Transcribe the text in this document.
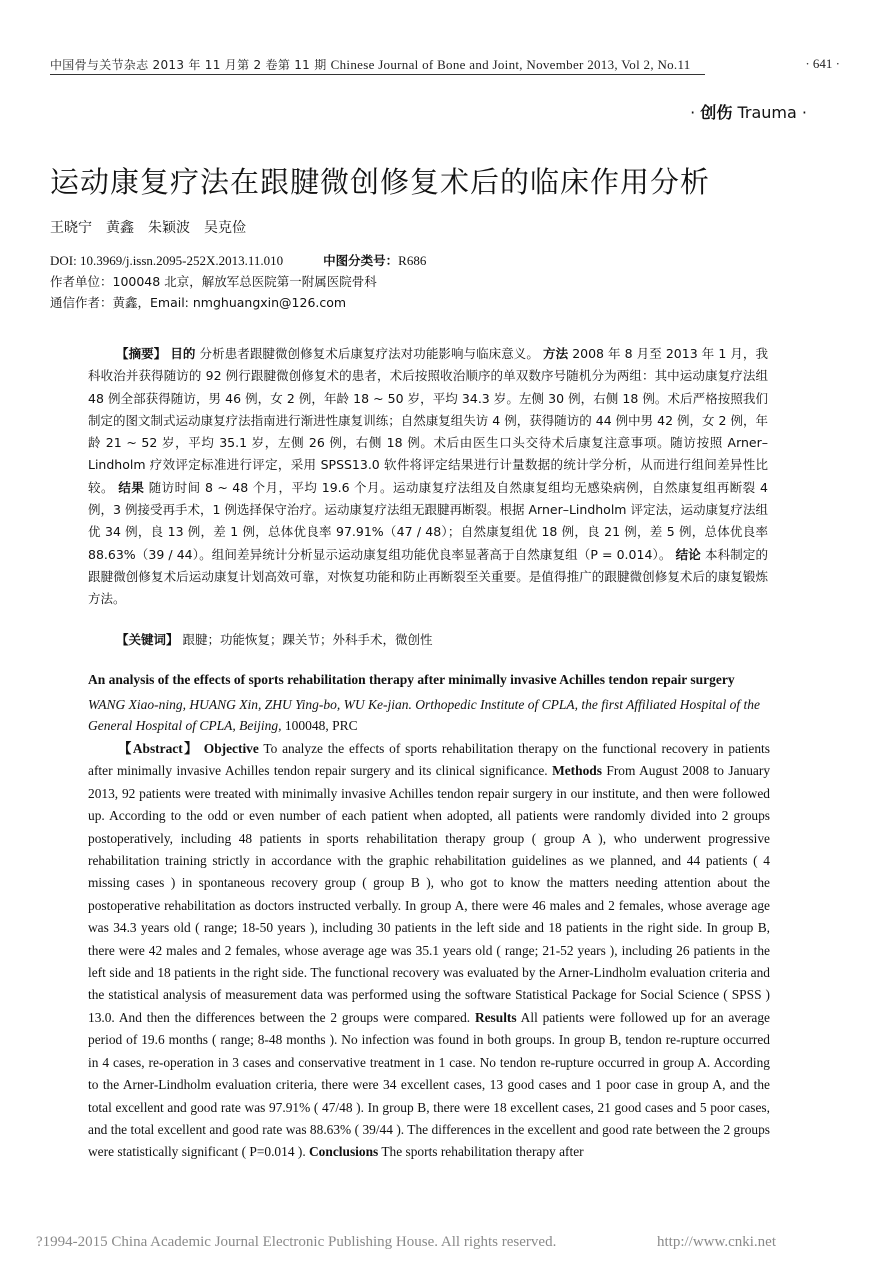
中国骨与关节杂志 2013 年 11 月第 2 卷第 11 期 Chinese Journal of Bone and Joint, November 2013, Vol 2, No.11	· 641 ·
· 创伤 Trauma ·
运动康复疗法在跟腱微创修复术后的临床作用分析
王晓宁　黄鑫　朱颖波　吴克俭
DOI: 10.3969/j.issn.2095-252X.2013.11.010	中图分类号：R686
作者单位：100048 北京，解放军总医院第一附属医院骨科
通信作者：黄鑫，Email: nmghuangxin@126.com
【摘要】 目的 分析患者跟腱微创修复术后康复疗法对功能影响与临床意义。 方法 2008 年 8 月至 2013 年 1 月，我科收治并获得随访的 92 例行跟腱微创修复术的患者，术后按照收治顺序的单双数序号随机分为两组：其中运动康复疗法组 48 例全部获得随访，男 46 例，女 2 例，年龄 18 ~ 50 岁，平均 34.3 岁。左侧 30 例，右侧 18 例。术后严格按照我们制定的图文制式运动康复疗法指南进行渐进性康复训练；自然康复组失访 4 例，获得随访的 44 例中男 42 例，女 2 例，年龄 21 ~ 52 岁，平均 35.1 岁，左侧 26 例，右侧 18 例。术后由医生口头交待术后康复注意事项。随访按照 Arner–Lindholm 疗效评定标准进行评定，采用 SPSS13.0 软件将评定结果进行计量数据的统计学分析，从而进行组间差异性比较。 结果 随访时间 8 ~ 48 个月，平均 19.6 个月。运动康复疗法组及自然康复组均无感染病例，自然康复组再断裂 4 例，3 例接受再手术，1 例选择保守治疗。运动康复疗法组无跟腱再断裂。根据 Arner–Lindholm 评定法，运动康复疗法组优 34 例，良 13 例，差 1 例，总体优良率 97.91%（47 / 48）；自然康复组优 18 例，良 21 例，差 5 例，总体优良率 88.63%（39 / 44）。组间差异统计分析显示运动康复组功能优良率显著高于自然康复组（P = 0.014）。 结论 本科制定的跟腱微创修复术后运动康复计划高效可靠，对恢复功能和防止再断裂至关重要。是值得推广的跟腱微创修复术后的康复锻炼方法。
【关键词】 跟腱；功能恢复；踝关节；外科手术，微创性
An analysis of the effects of sports rehabilitation therapy after minimally invasive Achilles tendon repair surgery
WANG Xiao-ning, HUANG Xin, ZHU Ying-bo, WU Ke-jian. Orthopedic Institute of CPLA, the first Affiliated Hospital of the General Hospital of CPLA, Beijing, 100048, PRC
【Abstract】 Objective To analyze the effects of sports rehabilitation therapy on the functional recovery in patients after minimally invasive Achilles tendon repair surgery and its clinical significance. Methods From August 2008 to January 2013, 92 patients were treated with minimally invasive Achilles tendon repair surgery in our institute, and then were followed up. According to the odd or even number of each patient when adopted, all patients were randomly divided into 2 groups postoperatively, including 48 patients in sports rehabilitation therapy group ( group A ), who underwent progressive rehabilitation training strictly in accordance with the graphic rehabilitation guidelines as we planned, and 44 patients ( 4 missing cases ) in spontaneous recovery group ( group B ), who got to know the matters needing attention about the postoperative rehabilitation as doctors instructed verbally. In group A, there were 46 males and 2 females, whose average age was 34.3 years old ( range; 18-50 years ), including 30 patients in the left side and 18 patients in the right side. In group B, there were 42 males and 2 females, whose average age was 35.1 years old ( range; 21-52 years ), including 26 patients in the left side and 18 patients in the right side. The functional recovery was evaluated by the Arner-Lindholm evaluation criteria and the statistical analysis of measurement data was performed using the software Statistical Package for Social Science ( SPSS ) 13.0. And then the differences between the 2 groups were compared. Results All patients were followed up for an average period of 19.6 months ( range; 8-48 months ). No infection was found in both groups. In group B, tendon re-rupture occurred in 4 cases, re-operation in 3 cases and conservative treatment in 1 case. No tendon re-rupture occurred in group A. According to the Arner-Lindholm evaluation criteria, there were 34 excellent cases, 13 good cases and 1 poor case in group A, and the total excellent and good rate was 97.91% ( 47/48 ). In group B, there were 18 excellent cases, 21 good cases and 5 poor cases, and the total excellent and good rate was 88.63% ( 39/44 ). The differences in the excellent and good rate between the 2 groups were statistically significant ( P=0.014 ). Conclusions The sports rehabilitation therapy after
?1994-2015 China Academic Journal Electronic Publishing House. All rights reserved.	http://www.cnki.net
